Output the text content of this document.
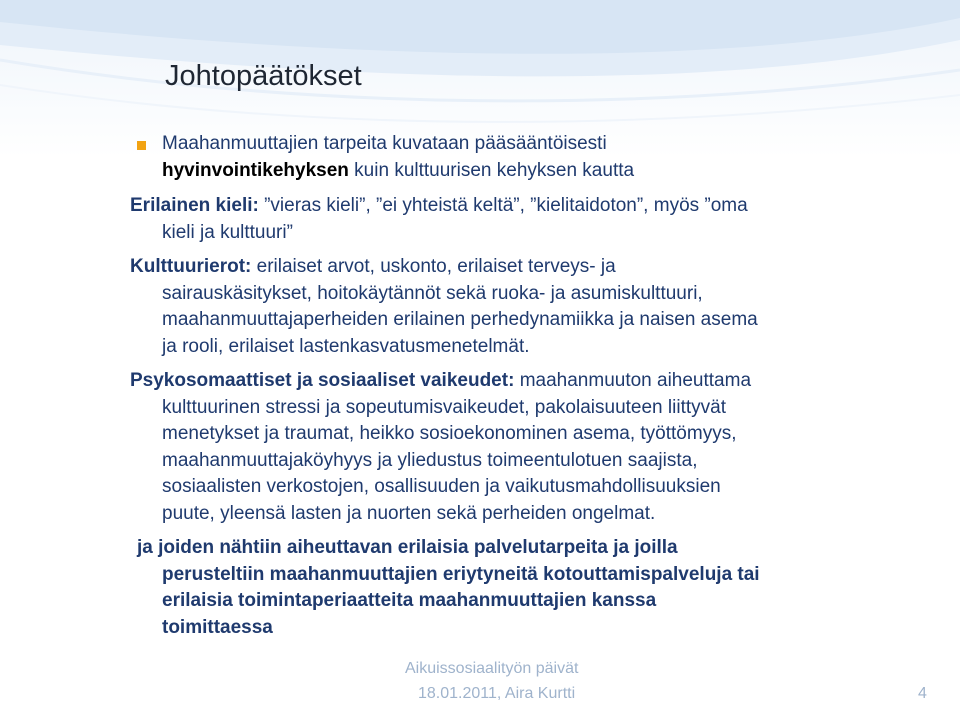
Johtopäätökset

Maahanmuuttajien tarpeita kuvataan pääsääntöisesti
hyvinvointikehyksen kuin kulttuurisen kehyksen kautta

Erilainen kieli: ”vieras kieli”, ”ei yhteistä keltä”, ”kielitaidoton”, myös ”oma
kieli ja kulttuuri”

Kulttuurierot: erilaiset arvot, uskonto, erilaiset terveys- ja
sairauskäsitykset, hoitokäytännöt sekä ruoka- ja asumiskulttuuri,
maahanmuuttajaperheiden erilainen perhedynamiikka ja naisen asema
ja rooli, erilaiset lastenkasvatusmenetelmät.

Psykosomaattiset ja sosiaaliset vaikeudet: maahanmuuton aiheuttama
kulttuurinen stressi ja sopeutumisvaikeudet, pakolaisuuteen liittyvät
menetykset ja traumat, heikko sosioekonominen asema, työttömyys,
maahanmuuttajaköyhyys ja yliedustus toimeentulotuen saajista,
sosiaalisten verkostojen, osallisuuden ja vaikutusmahdollisuuksien
puute, yleensä lasten ja nuorten sekä perheiden ongelmat.

ja joiden nähtiin aiheuttavan erilaisia palvelutarpeita ja joilla
perusteltiin maahanmuuttajien eriytyneitä kotouttamispalveluja tai
erilaisia toimintaperiaatteita maahanmuuttajien kanssa
toimittaessa

Aikuissosiaalityön päivät
18.01.2011, Aira Kurtti	4
